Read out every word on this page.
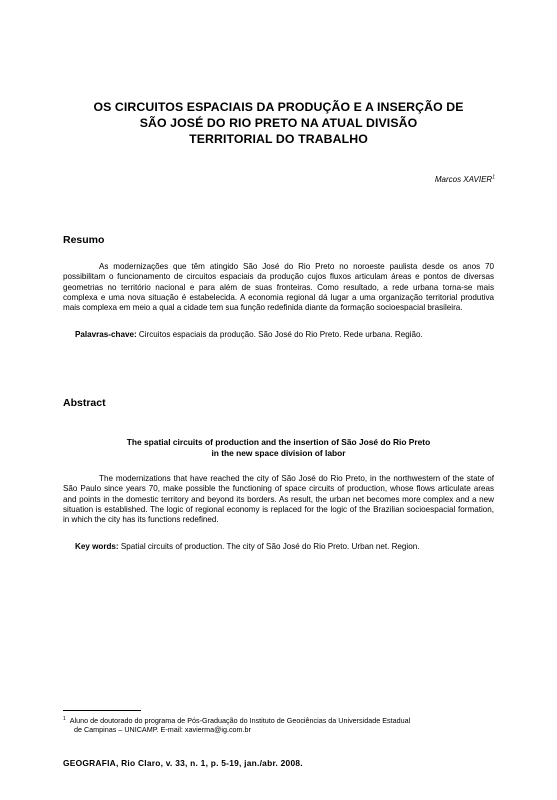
OS CIRCUITOS ESPACIAIS DA PRODUÇÃO E A INSERÇÃO DE
SÃO JOSÉ DO RIO PRETO NA ATUAL DIVISÃO
TERRITORIAL DO TRABALHO
Marcos XAVIER$^1$
Resumo
As modernizações que têm atingido São José do Rio Preto no noroeste paulista desde os anos 70 possibilitam o funcionamento de circuitos espaciais da produção cujos fluxos articulam áreas e pontos de diversas geometrias no território nacional e para além de suas fronteiras. Como resultado, a rede urbana torna-se mais complexa e uma nova situação é estabelecida. A economia regional dá lugar a uma organização territorial produtiva mais complexa em meio a qual a cidade tem sua função redefinida diante da formação socioespacial brasileira.
Palavras-chave: Circuitos espaciais da produção. São José do Rio Preto. Rede urbana. Região.
Abstract
The spatial circuits of production and the insertion of São José do Rio Preto
in the new space division of labor
The modernizations that have reached the city of São José do Rio Preto, in the northwestern of the state of São Paulo since years 70, make possible the functioning of space circuits of production, whose flows articulate areas and points in the domestic territory and beyond its borders. As result, the urban net becomes more complex and a new situation is established. The logic of regional economy is replaced for the logic of the Brazilian socioespacial formation, in which the city has its functions redefined.
Key words: Spatial circuits of production. The city of São José do Rio Preto. Urban net. Region.
$^1$ Aluno de doutorado do programa de Pós-Graduação do Instituto de Geociências da Universidade Estadual
de Campinas – UNICAMP. E-mail: xavierma@ig.com.br
GEOGRAFIA, Rio Claro, v. 33, n. 1, p. 5-19, jan./abr. 2008.
